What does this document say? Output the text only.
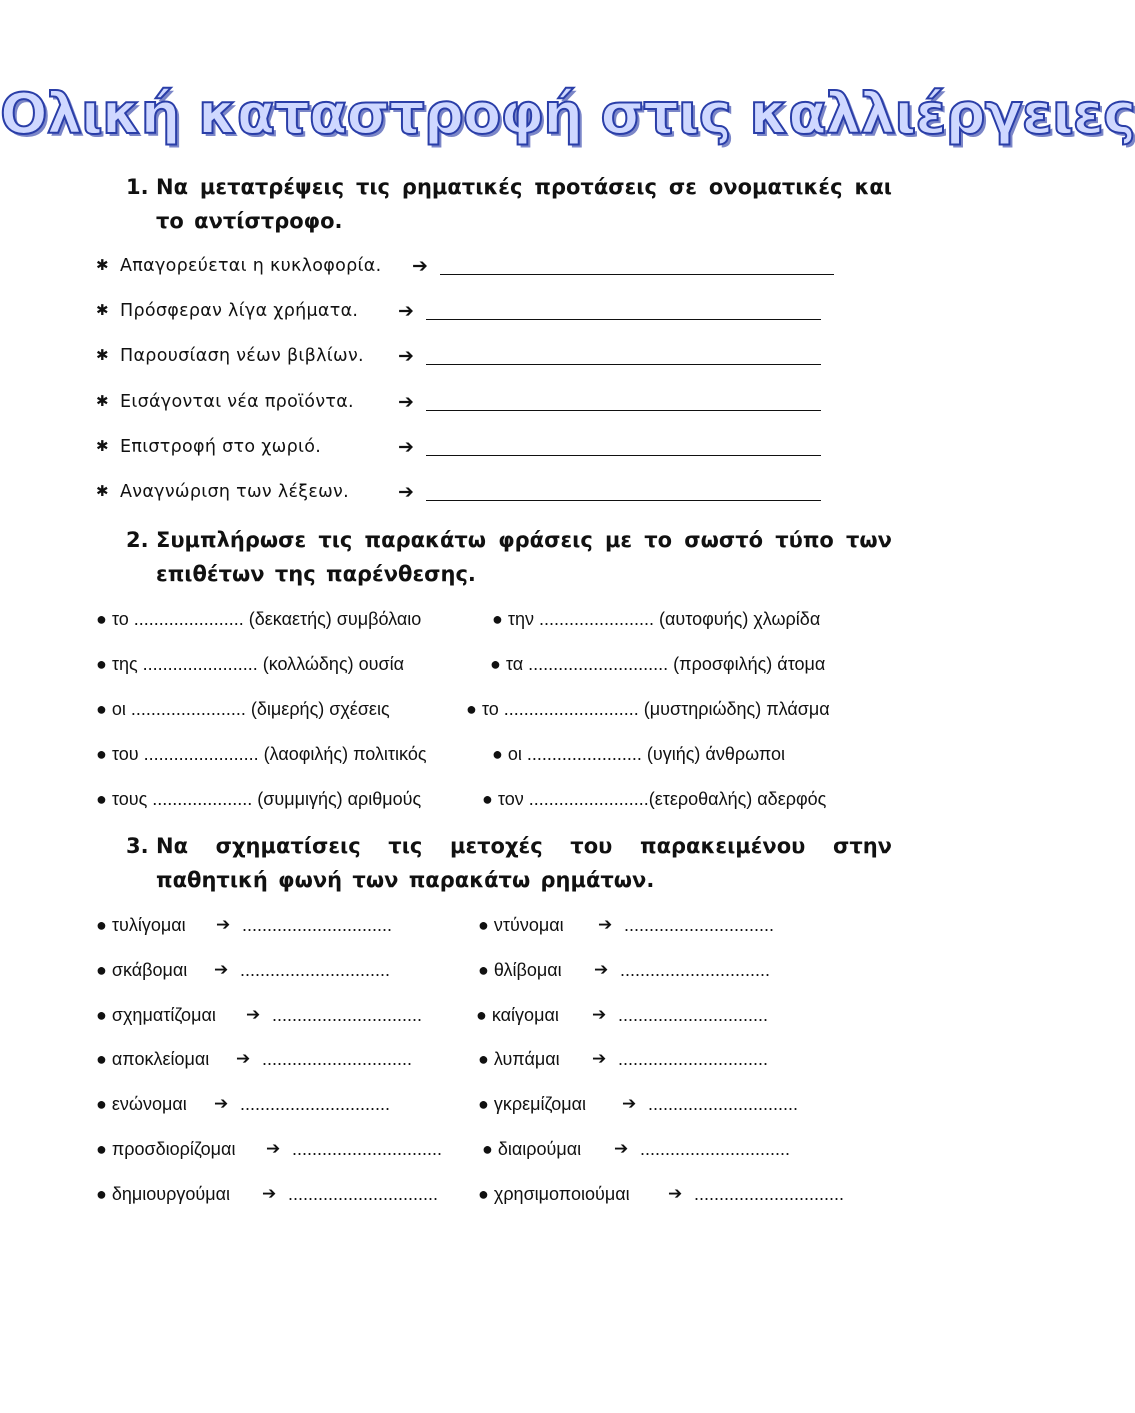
Ολική καταστροφή στις καλλιέργειες
1. Να μετατρέψεις τις ρηματικές προτάσεις σε ονοματικές και το αντίστροφο.
✱ Απαγορεύεται η κυκλοφορία. ➔
✱ Πρόσφεραν λίγα χρήματα. ➔
✱ Παρουσίαση νέων βιβλίων. ➔
✱ Εισάγονται νέα προϊόντα. ➔
✱ Επιστροφή στο χωριό.	➔
✱ Αναγνώριση των λέξεων.	➔
2. Συμπλήρωσε τις παρακάτω φράσεις με το σωστό τύπο των επιθέτων της παρένθεσης.
● το ...................... (δεκαετής) συμβόλαιο	● την ....................... (αυτοφυής) χλωρίδα
● της ....................... (κολλώδης) ουσία	● τα ............................ (προσφιλής) άτομα
● οι ....................... (διμερής) σχέσεις	● το ........................... (μυστηριώδης) πλάσμα
● του ....................... (λαοφιλής) πολιτικός	● οι ....................... (υγιής) άνθρωποι
● τους .................... (συμμιγής) αριθμούς	● τον ........................(ετεροθαλής) αδερφός
3. Να σχηματίσεις τις μετοχές του παρακειμένου στην παθητική φωνή των παρακάτω ρημάτων.
● τυλίγομαι ➔ ..............................	● ντύνομαι ➔ ..............................
● σκάβομαι ➔ ..............................	● θλίβομαι ➔ ..............................
● σχηματίζομαι ➔ ..............................	● καίγομαι ➔ ..............................
● αποκλείομαι ➔ ..............................	● λυπάμαι ➔ ..............................
● ενώνομαι ➔ ..............................	● γκρεμίζομαι ➔ ..............................
● προσδιορίζομαι ➔ .............................. ● διαιρούμαι ➔ ..............................
● δημιουργούμαι ➔ .............................. ● χρησιμοποιούμαι ➔ ..............................
